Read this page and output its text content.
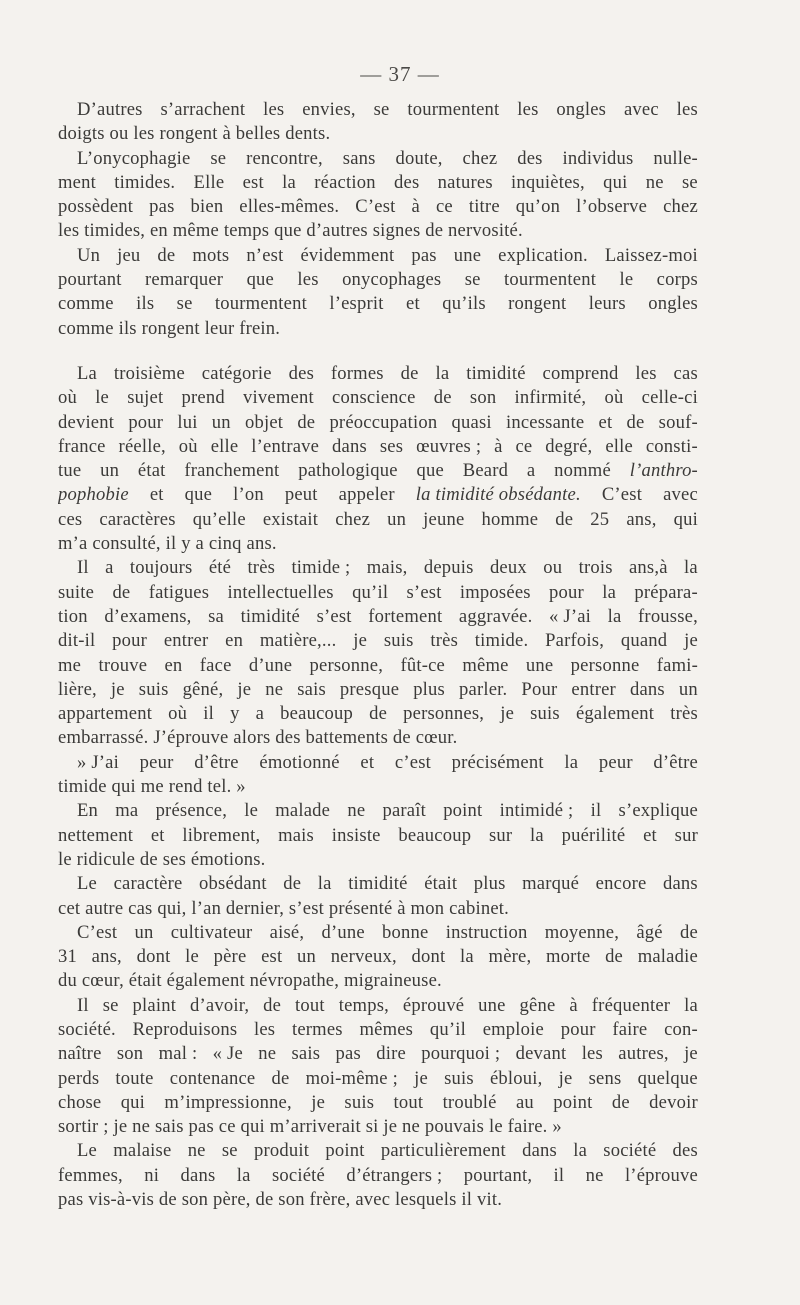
— 37 —
D’autres s’arrachent les envies, se tourmentent les ongles avec les
doigts ou les rongent à belles dents.
L’onycophagie se rencontre, sans doute, chez des individus nulle-
ment timides. Elle est la réaction des natures inquiètes, qui ne se
possèdent pas bien elles-mêmes. C’est à ce titre qu’on l’observe chez
les timides, en même temps que d’autres signes de nervosité.
Un jeu de mots n’est évidemment pas une explication. Laissez-moi
pourtant remarquer que les onycophages se tourmentent le corps
comme ils se tourmentent l’esprit et qu’ils rongent leurs ongles
comme ils rongent leur frein.
La troisième catégorie des formes de la timidité comprend les cas
où le sujet prend vivement conscience de son infirmité, où celle-ci
devient pour lui un objet de préoccupation quasi incessante et de souf-
france réelle, où elle l’entrave dans ses œuvres ; à ce degré, elle consti-
tue un état franchement pathologique que Beard a nommé l’anthro-
pophobie et que l’on peut appeler la timidité obsédante. C’est avec
ces caractères qu’elle existait chez un jeune homme de 25 ans, qui
m’a consulté, il y a cinq ans.
Il a toujours été très timide ; mais, depuis deux ou trois ans,à la
suite de fatigues intellectuelles qu’il s’est imposées pour la prépara-
tion d’examens, sa timidité s’est fortement aggravée. « J’ai la frousse,
dit-il pour entrer en matière,... je suis très timide. Parfois, quand je
me trouve en face d’une personne, fût-ce même une personne fami-
lière, je suis gêné, je ne sais presque plus parler. Pour entrer dans un
appartement où il y a beaucoup de personnes, je suis également très
embarrassé. J’éprouve alors des battements de cœur.
» J’ai peur d’être émotionné et c’est précisément la peur d’être
timide qui me rend tel. »
En ma présence, le malade ne paraît point intimidé ; il s’explique
nettement et librement, mais insiste beaucoup sur la puérilité et sur
le ridicule de ses émotions.
Le caractère obsédant de la timidité était plus marqué encore dans
cet autre cas qui, l’an dernier, s’est présenté à mon cabinet.
C’est un cultivateur aisé, d’une bonne instruction moyenne, âgé de
31 ans, dont le père est un nerveux, dont la mère, morte de maladie
du cœur, était également névropathe, migraineuse.
Il se plaint d’avoir, de tout temps, éprouvé une gêne à fréquenter la
société. Reproduisons les termes mêmes qu’il emploie pour faire con-
naître son mal : « Je ne sais pas dire pourquoi ; devant les autres, je
perds toute contenance de moi-même ; je suis ébloui, je sens quelque
chose qui m’impressionne, je suis tout troublé au point de devoir
sortir ; je ne sais pas ce qui m’arriverait si je ne pouvais le faire. »
Le malaise ne se produit point particulièrement dans la société des
femmes, ni dans la société d’étrangers ; pourtant, il ne l’éprouve
pas vis-à-vis de son père, de son frère, avec lesquels il vit.
